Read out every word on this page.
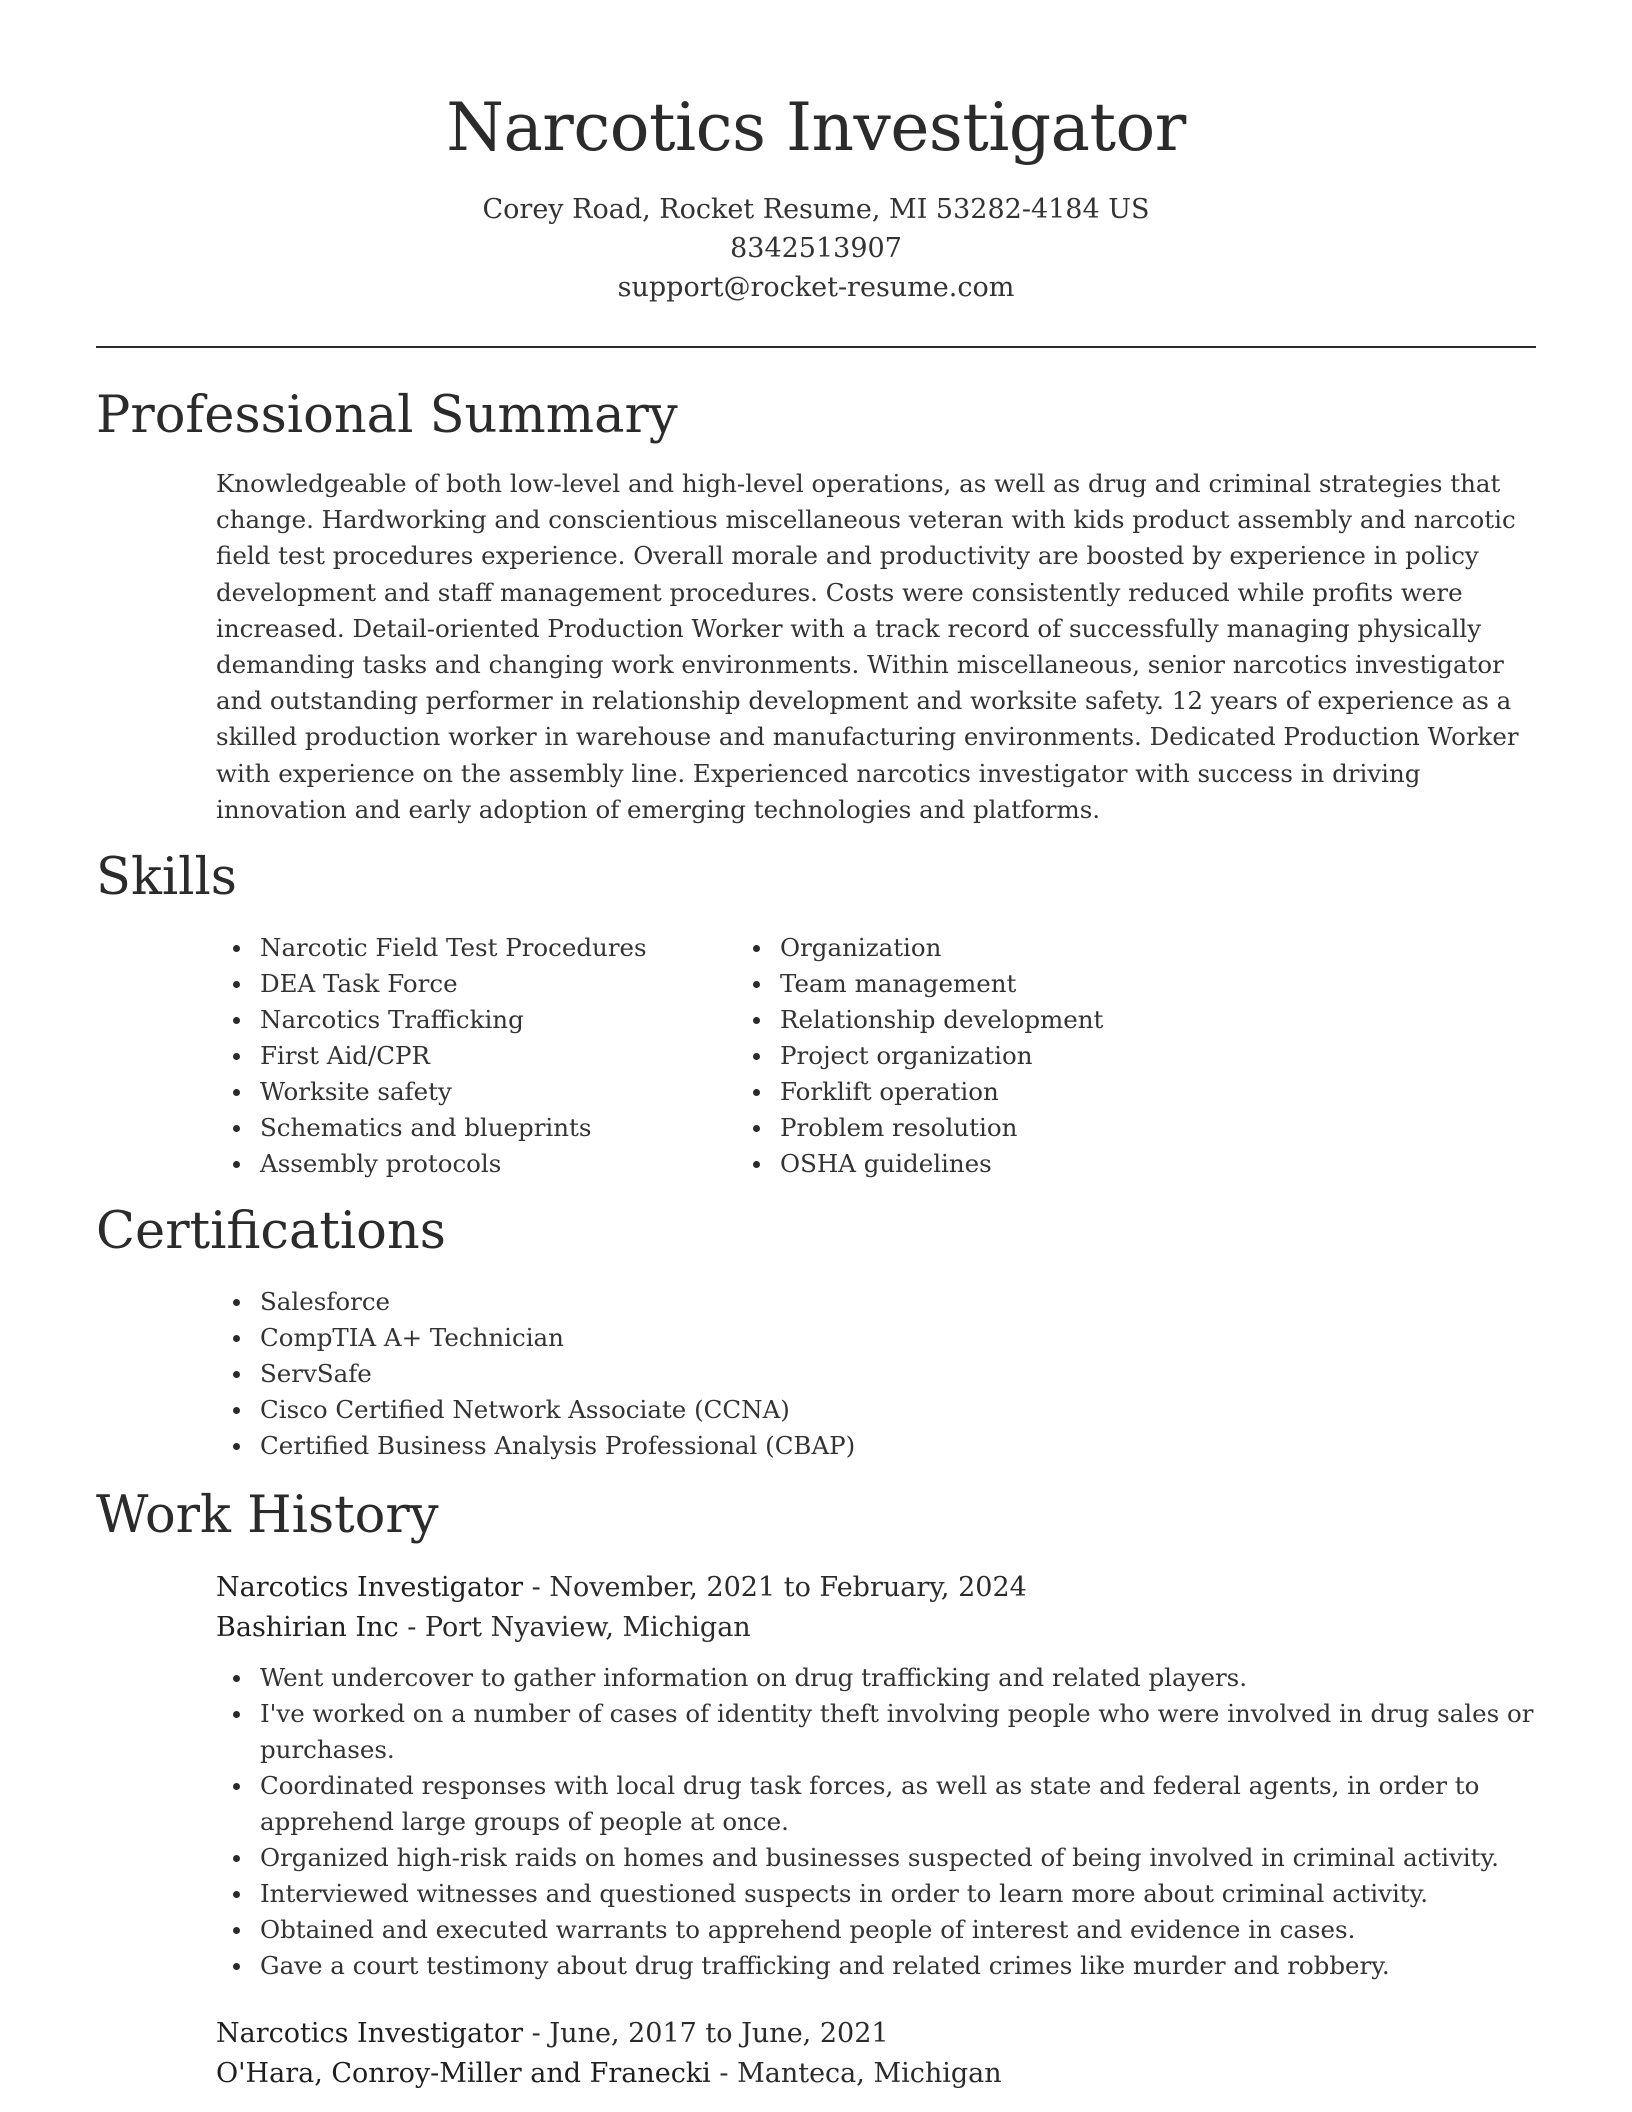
Narcotics Investigator
Corey Road, Rocket Resume, MI 53282-4184 US
8342513907
support@rocket-resume.com
Professional Summary
Knowledgeable of both low-level and high-level operations, as well as drug and criminal strategies that change. Hardworking and conscientious miscellaneous veteran with kids product assembly and narcotic field test procedures experience. Overall morale and productivity are boosted by experience in policy development and staff management procedures. Costs were consistently reduced while profits were increased. Detail-oriented Production Worker with a track record of successfully managing physically demanding tasks and changing work environments. Within miscellaneous, senior narcotics investigator and outstanding performer in relationship development and worksite safety. 12 years of experience as a skilled production worker in warehouse and manufacturing environments. Dedicated Production Worker with experience on the assembly line. Experienced narcotics investigator with success in driving innovation and early adoption of emerging technologies and platforms.
Skills
Narcotic Field Test Procedures
DEA Task Force
Narcotics Trafficking
First Aid/CPR
Worksite safety
Schematics and blueprints
Assembly protocols
Organization
Team management
Relationship development
Project organization
Forklift operation
Problem resolution
OSHA guidelines
Certifications
Salesforce
CompTIA A+ Technician
ServSafe
Cisco Certified Network Associate (CCNA)
Certified Business Analysis Professional (CBAP)
Work History
Narcotics Investigator - November, 2021 to February, 2024
Bashirian Inc - Port Nyaview, Michigan
Went undercover to gather information on drug trafficking and related players.
I've worked on a number of cases of identity theft involving people who were involved in drug sales or purchases.
Coordinated responses with local drug task forces, as well as state and federal agents, in order to apprehend large groups of people at once.
Organized high-risk raids on homes and businesses suspected of being involved in criminal activity.
Interviewed witnesses and questioned suspects in order to learn more about criminal activity.
Obtained and executed warrants to apprehend people of interest and evidence in cases.
Gave a court testimony about drug trafficking and related crimes like murder and robbery.
Narcotics Investigator - June, 2017 to June, 2021
O'Hara, Conroy-Miller and Franecki - Manteca, Michigan
